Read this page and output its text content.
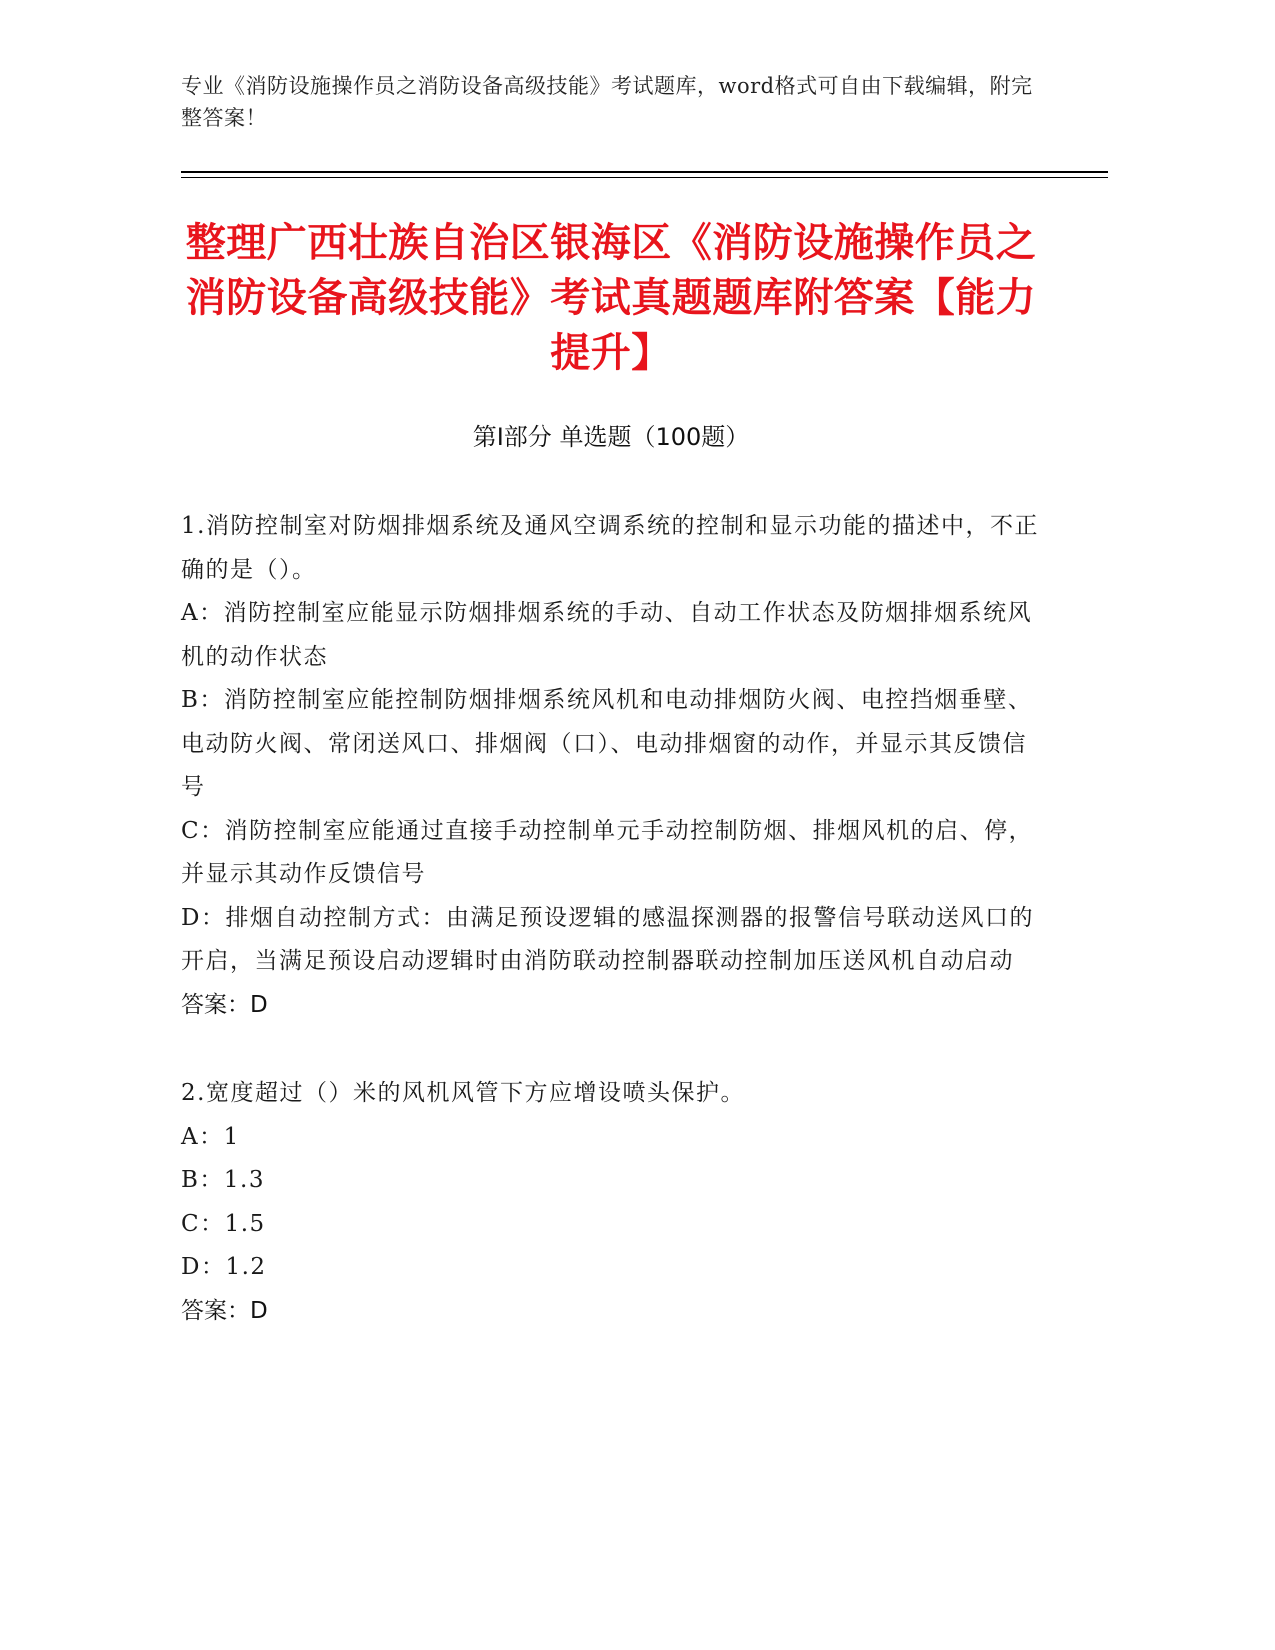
专业《消防设施操作员之消防设备高级技能》考试题库，word格式可自由下载编辑，附完整答案！
整理广西壮族自治区银海区《消防设施操作员之消防设备高级技能》考试真题题库附答案【能力提升】
第Ⅰ部分 单选题（100题）

1.消防控制室对防烟排烟系统及通风空调系统的控制和显示功能的描述中，不正确的是（）。

A：消防控制室应能显示防烟排烟系统的手动、自动工作状态及防烟排烟系统风机的动作状态

B：消防控制室应能控制防烟排烟系统风机和电动排烟防火阀、电控挡烟垂壁、电动防火阀、常闭送风口、排烟阀（口）、电动排烟窗的动作，并显示其反馈信号

C：消防控制室应能通过直接手动控制单元手动控制防烟、排烟风机的启、停，并显示其动作反馈信号

D：排烟自动控制方式：由满足预设逻辑的感温探测器的报警信号联动送风口的开启，当满足预设启动逻辑时由消防联动控制器联动控制加压送风机自动启动

答案：D

2.宽度超过（）米的风机风管下方应增设喷头保护。

A：1

B：1.3

C：1.5

D：1.2

答案：D
